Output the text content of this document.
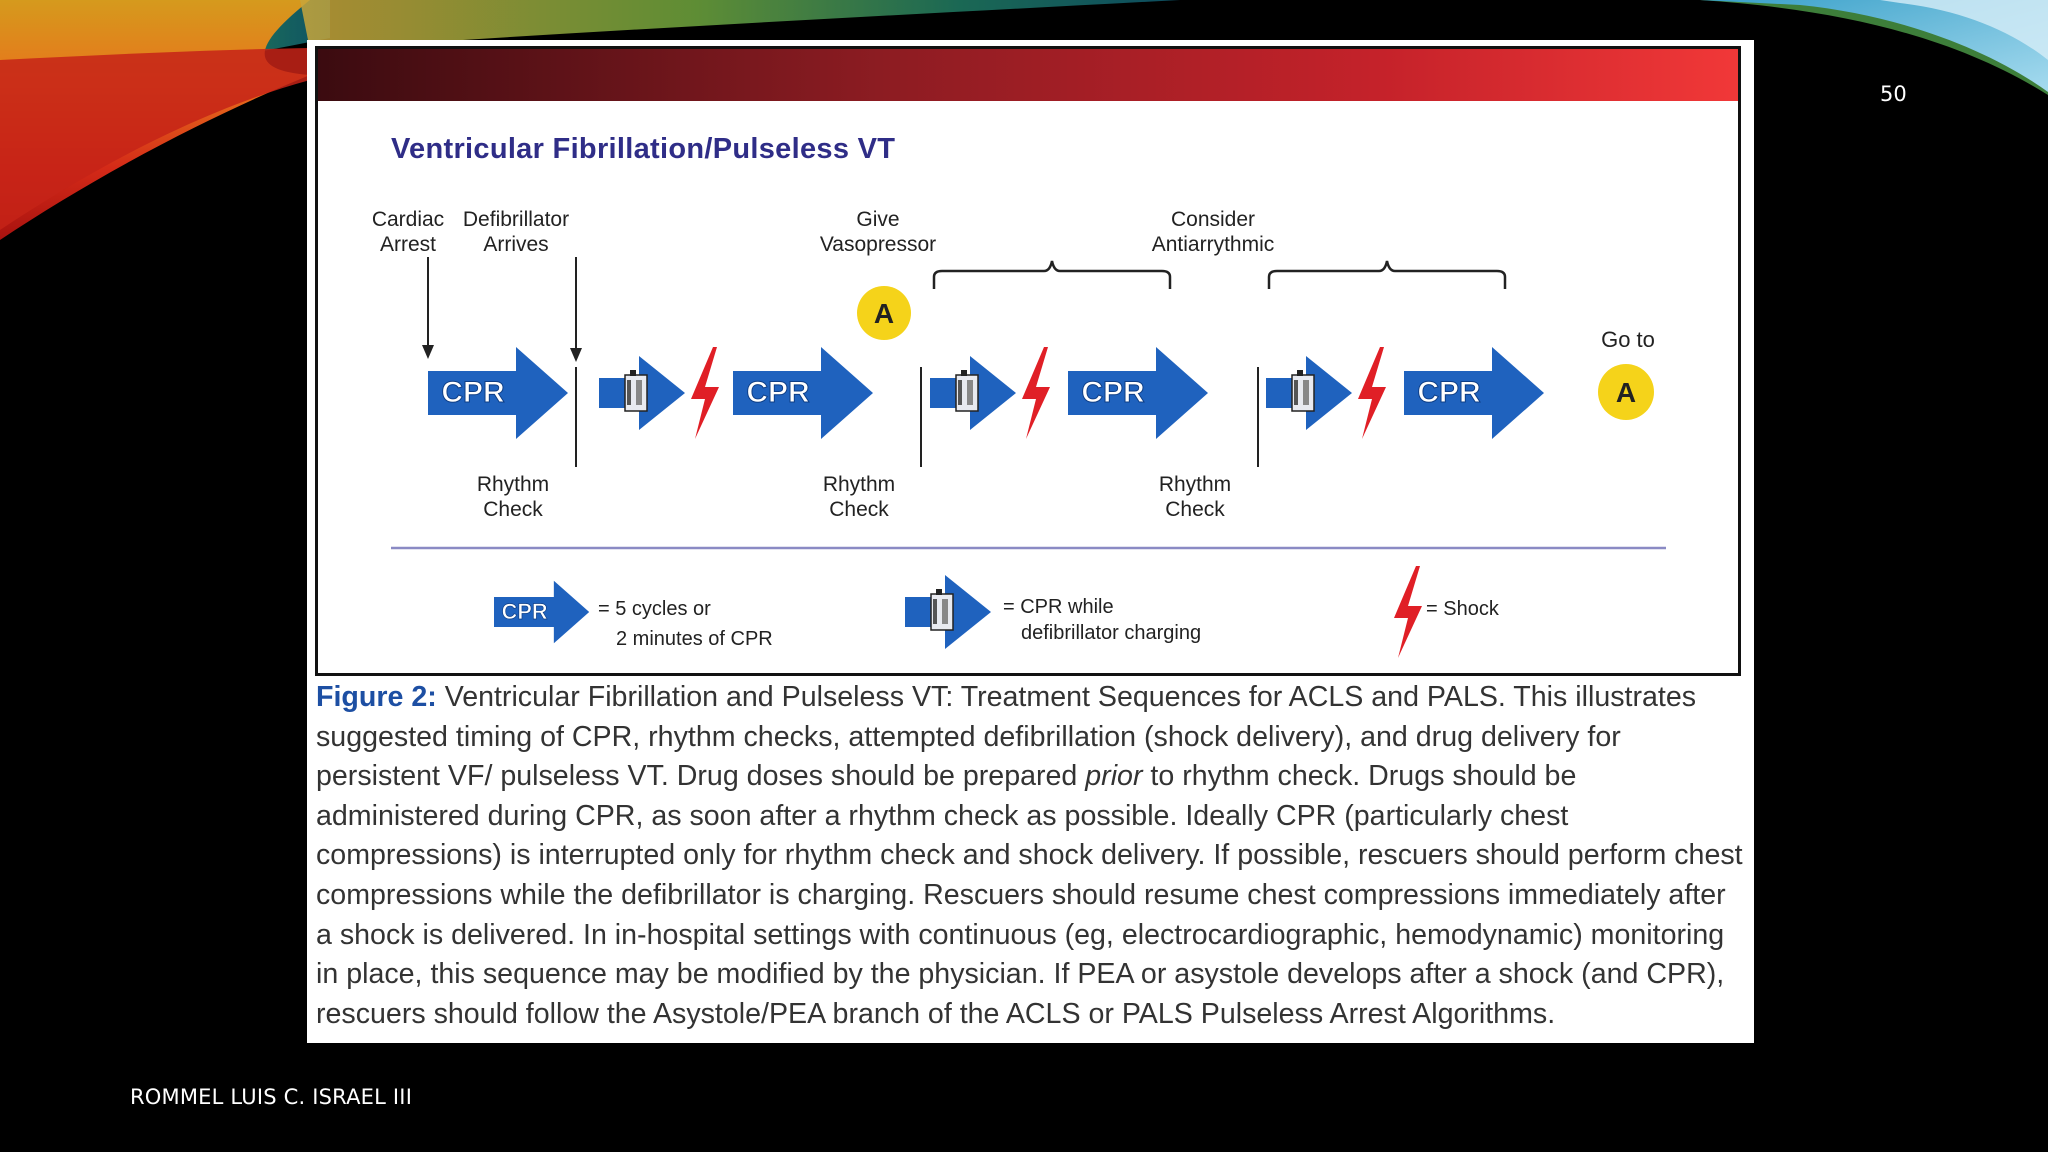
50
Ventricular Fibrillation/Pulseless VT
Cardiac
Arrest
Defibrillator
Arrives
Give
Vasopressor
Consider
Antiarrythmic
Rhythm
Check
Rhythm
Check
Rhythm
Check
Go to
CPR	CPR	CPR	CPR
A
A
CPR	= 5 cycles or
2 minutes of CPR
= CPR while
defibrillator charging
= Shock
Figure 2: Ventricular Fibrillation and Pulseless VT: Treatment Sequences for ACLS and PALS. This illustrates suggested timing of CPR, rhythm checks, attempted defibrillation (shock delivery), and drug delivery for persistent VF/ pulseless VT. Drug doses should be prepared prior to rhythm check. Drugs should be administered during CPR, as soon after a rhythm check as possible. Ideally CPR (particularly chest compressions) is interrupted only for rhythm check and shock delivery. If possible, rescuers should perform chest compressions while the defibrillator is charging. Rescuers should resume chest compressions immediately after a shock is delivered. In in-hospital settings with continuous (eg, electrocardiographic, hemodynamic) monitoring in place, this sequence may be modified by the physician. If PEA or asystole develops after a shock (and CPR), rescuers should follow the Asystole/PEA branch of the ACLS or PALS Pulseless Arrest Algorithms.
ROMMEL LUIS C. ISRAEL III
